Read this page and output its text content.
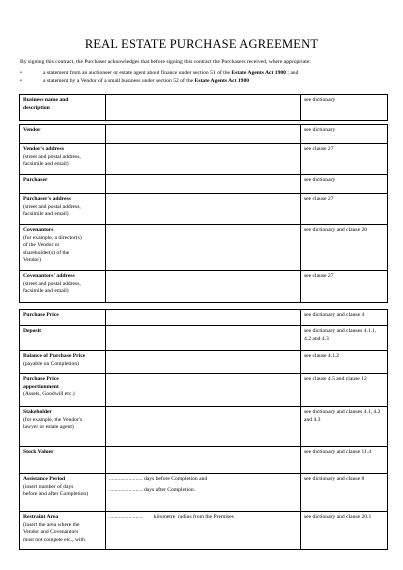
REAL ESTATE PURCHASE AGREEMENT
By signing this contract, the Purchaser acknowledges that before signing this contract the Purchasers received, where appropriate:
•	a statement from an auctioneer or estate agent about finance under section 51 of the Estate Agents Act 1980 ; and
•	a statement by a Vendor of a small business under section 52 of the Estate Agents Act 1980
Business name and
description
		see dictionary
Vendor		see dictionary

Vendor's address
(street and postal address,
facsimile and email)		see clause 27

Purchaser		see dictionary

Purchaser's address
(street and postal address,
facsimile and email)		see clause 27

Covenantors
(for example, a director(s)
of the Vendor or
shareholder(s) of the
Vendor)		see dictionary and clause 20

Covenantors' address
(street and postal address,
facsimile and email)		see clause 27
Purchase Price		see dictionary and clause 4

Deposit		see dictionary and clauses 4.1.1, 4.2 and 4.3

Balance of Purchase Price
(payable on Completion)		see clause 4.1.2

Purchase Price
apportionment
(Assets, Goodwill etc.)		see clause 4.5 and clause 12

Stakeholder
(for example, the Vendor's
lawyer or estate agent)		see dictionary and clauses 4.1, 4.2 and 4.3

Stock Valuer		see dictionary and clause 11.4

Assistance Period
(insert number of days
before and after Completion)	........................ days before Completion and
........................ days after Completion.	see dictionary and clause 8

Restraint Area
(insert the area where the
Vendor and Covenantors
must not compete etc., with	........................        kilometre  radius from the Premises	see dictionary and clause 20.1
